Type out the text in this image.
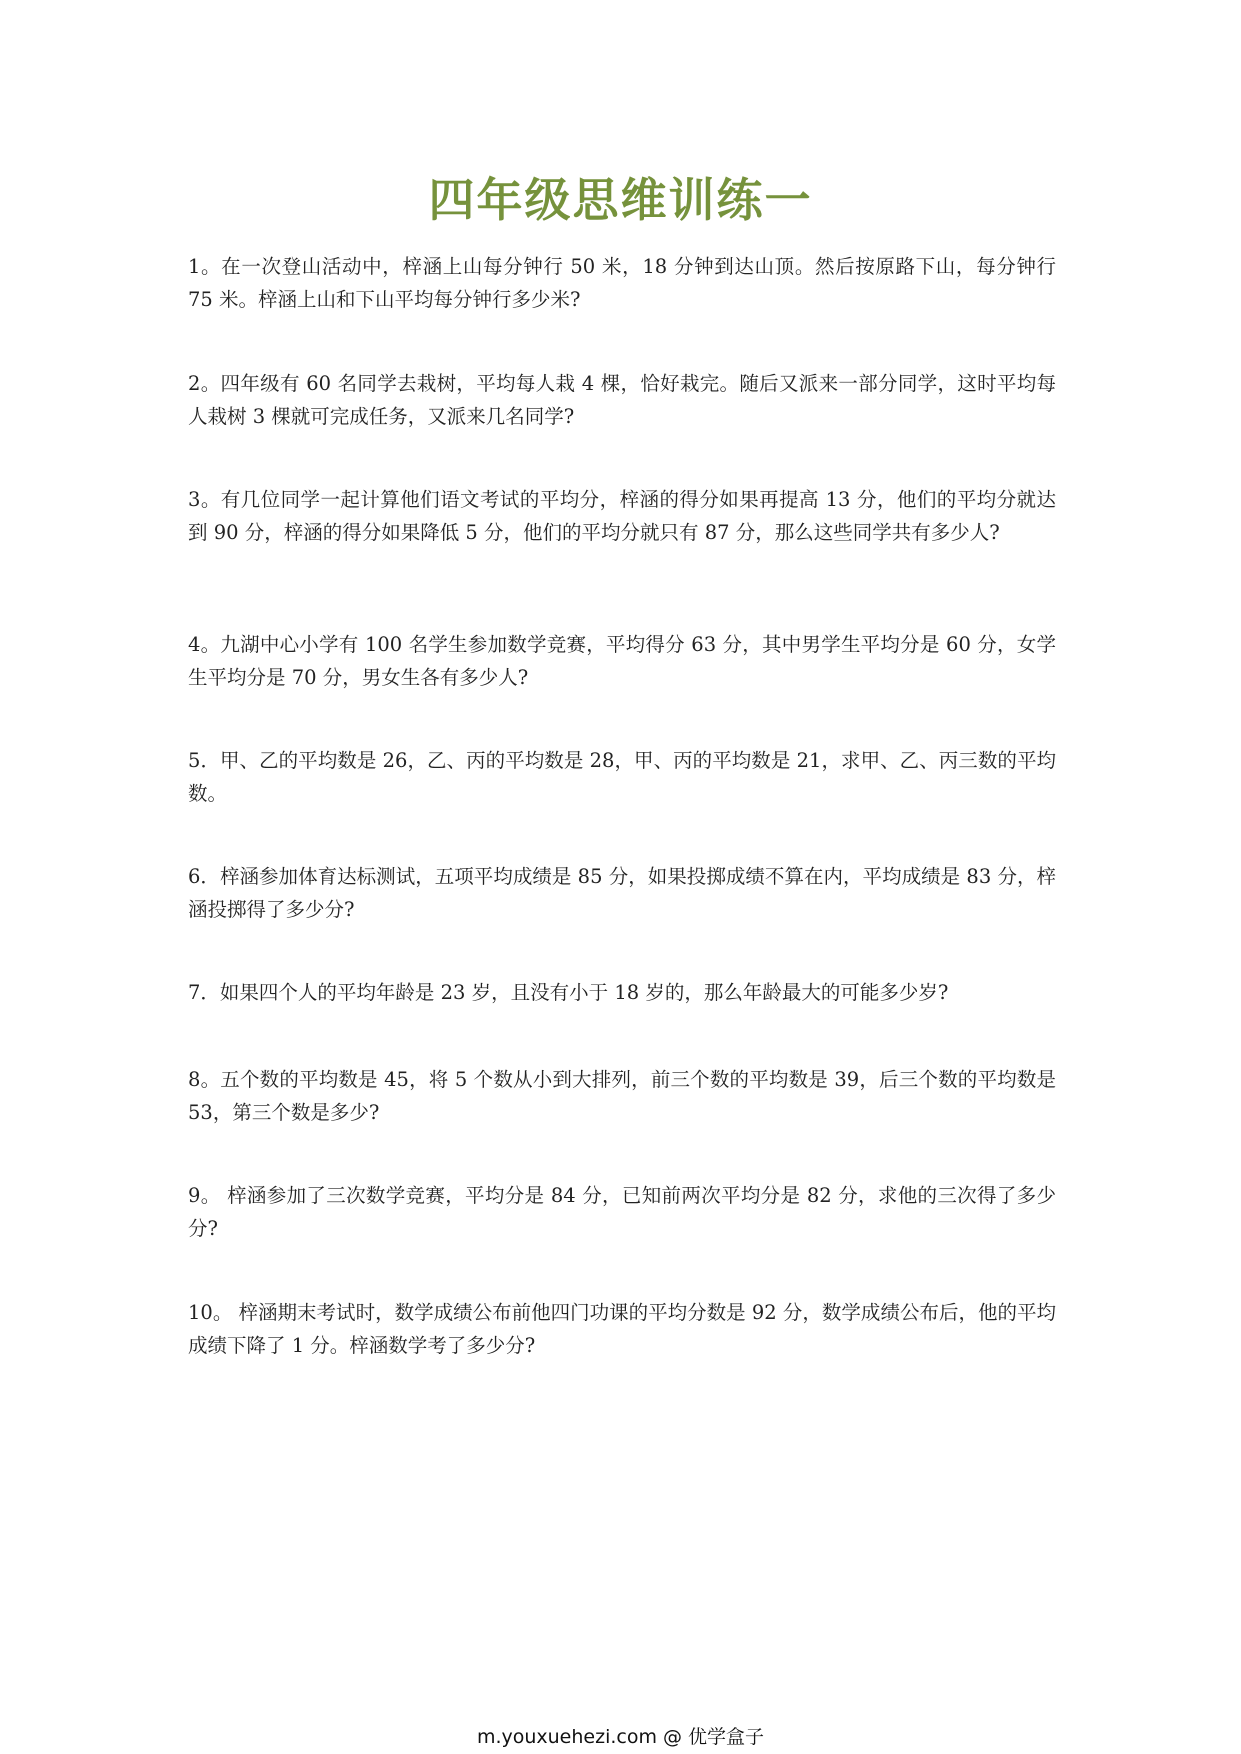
四年级思维训练一

1。在一次登山活动中，梓涵上山每分钟行 50 米，18 分钟到达山顶。然后按原路下山，每分钟行 75 米。梓涵上山和下山平均每分钟行多少米?

2。四年级有 60 名同学去栽树，平均每人栽 4 棵，恰好栽完。随后又派来一部分同学，这时平均每人栽树 3 棵就可完成任务，又派来几名同学?

3。有几位同学一起计算他们语文考试的平均分，梓涵的得分如果再提高 13 分，他们的平均分就达到 90 分，梓涵的得分如果降低 5 分，他们的平均分就只有 87 分，那么这些同学共有多少人?

4。九湖中心小学有 100 名学生参加数学竞赛，平均得分 63 分，其中男学生平均分是 60 分，女学生平均分是 70 分，男女生各有多少人?

5．甲、乙的平均数是 26，乙、丙的平均数是 28，甲、丙的平均数是 21，求甲、乙、丙三数的平均数。

6．梓涵参加体育达标测试，五项平均成绩是 85 分，如果投掷成绩不算在内，平均成绩是 83 分，梓涵投掷得了多少分?

7．如果四个人的平均年龄是 23 岁，且没有小于 18 岁的，那么年龄最大的可能多少岁?

8。五个数的平均数是 45，将 5 个数从小到大排列，前三个数的平均数是 39，后三个数的平均数是 53，第三个数是多少?

9。 梓涵参加了三次数学竞赛，平均分是 84 分，已知前两次平均分是 82 分，求他的三次得了多少分?

10。 梓涵期末考试时，数学成绩公布前他四门功课的平均分数是 92 分，数学成绩公布后，他的平均成绩下降了 1 分。梓涵数学考了多少分?

m.youxuehezi.com @ 优学盒子
